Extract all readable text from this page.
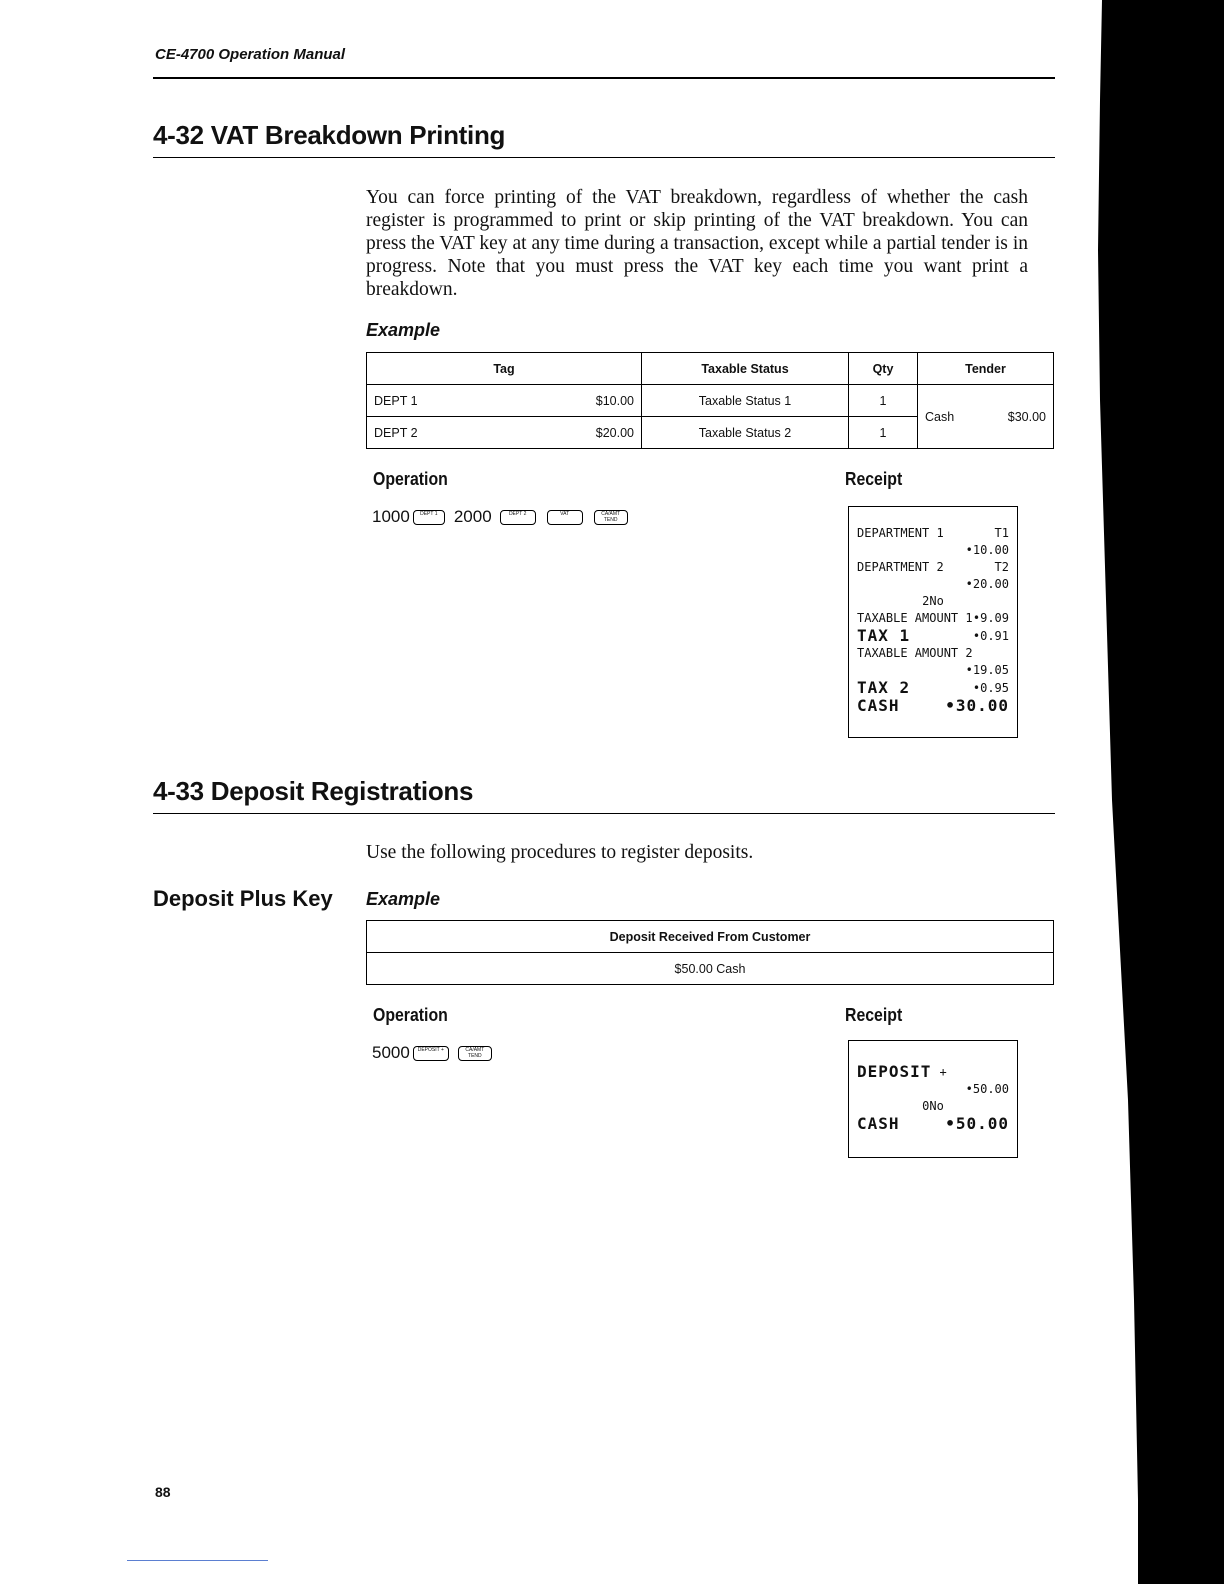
CE-4700 Operation Manual
4-32 VAT Breakdown Printing
You can force printing of the VAT breakdown, regardless of whether the cash register is programmed to print or skip printing of the VAT breakdown. You can press the VAT key at any time during a transaction, except while a partial tender is in progress. Note that you must press the VAT key each time you want print a breakdown.
Example
Tag	Taxable Status	Qty	Tender

DEPT 1 $10.00	Taxable Status 1	1	Cash $30.00

DEPT 2 $20.00	Taxable Status 2	1	
Operation	Receipt
1000	DEPT 1 2000	DEPT 2	VAT	CA/AMT TEND
DEPARTMENT 1	T1
•10.00
DEPARTMENT 2	T2
•20.00
2No
TAXABLE AMOUNT 1 •9.09
TAX 1	•0.91
TAXABLE AMOUNT 2
•19.05
TAX 2	•0.95
CASH	•30.00
4-33 Deposit Registrations
Use the following procedures to register deposits.
Deposit Plus Key Example
Deposit Received From Customer
$50.00 Cash
Operation	Receipt
5000	DEPOSIT +	CA/AMT TEND
DEPOSIT +
•50.00
0No
CASH	•50.00
88
